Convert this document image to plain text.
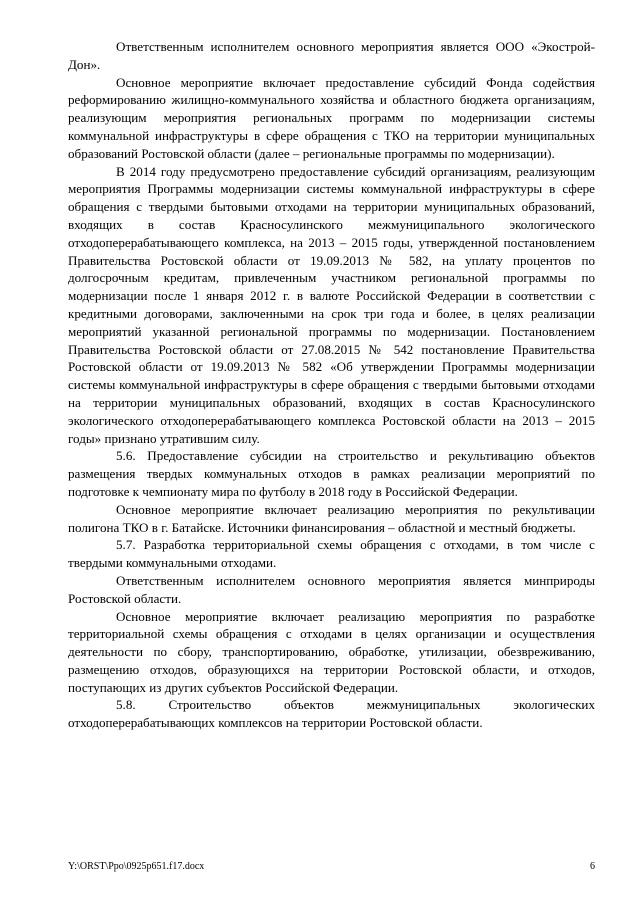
Ответственным исполнителем основного мероприятия является ООО «Экострой-Дон».

Основное мероприятие включает предоставление субсидий Фонда содействия реформированию жилищно-коммунального хозяйства и областного бюджета организациям, реализующим мероприятия региональных программ по модернизации системы коммунальной инфраструктуры в сфере обращения с ТКО на территории муниципальных образований Ростовской области (далее – региональные программы по модернизации).

В 2014 году предусмотрено предоставление субсидий организациям, реализующим мероприятия Программы модернизации системы коммунальной инфраструктуры в сфере обращения с твердыми бытовыми отходами на территории муниципальных образований, входящих в состав Красносулинского межмуниципального экологического отходоперерабатывающего комплекса, на 2013 – 2015 годы, утвержденной постановлением Правительства Ростовской области от 19.09.2013 № 582, на уплату процентов по долгосрочным кредитам, привлеченным участником региональной программы по модернизации после 1 января 2012 г. в валюте Российской Федерации в соответствии с кредитными договорами, заключенными на срок три года и более, в целях реализации мероприятий указанной региональной программы по модернизации. Постановлением Правительства Ростовской области от 27.08.2015 № 542 постановление Правительства Ростовской области от 19.09.2013 № 582 «Об утверждении Программы модернизации системы коммунальной инфраструктуры в сфере обращения с твердыми бытовыми отходами на территории муниципальных образований, входящих в состав Красносулинского экологического отходоперерабатывающего комплекса Ростовской области на 2013 – 2015 годы» признано утратившим силу.

5.6. Предоставление субсидии на строительство и рекультивацию объектов размещения твердых коммунальных отходов в рамках реализации мероприятий по подготовке к чемпионату мира по футболу в 2018 году в Российской Федерации.

Основное мероприятие включает реализацию мероприятия по рекультивации полигона ТКО в г. Батайске. Источники финансирования – областной и местный бюджеты.

5.7. Разработка территориальной схемы обращения с отходами, в том числе с твердыми коммунальными отходами.

Ответственным исполнителем основного мероприятия является минприроды Ростовской области.

Основное мероприятие включает реализацию мероприятия по разработке территориальной схемы обращения с отходами в целях организации и осуществления деятельности по сбору, транспортированию, обработке, утилизации, обезвреживанию, размещению отходов, образующихся на территории Ростовской области, и отходов, поступающих из других субъектов Российской Федерации.

5.8. Строительство объектов межмуниципальных экологических отходоперерабатывающих комплексов на территории Ростовской области.

Y:\ORST\Ppo\0925p651.f17.docx	6
